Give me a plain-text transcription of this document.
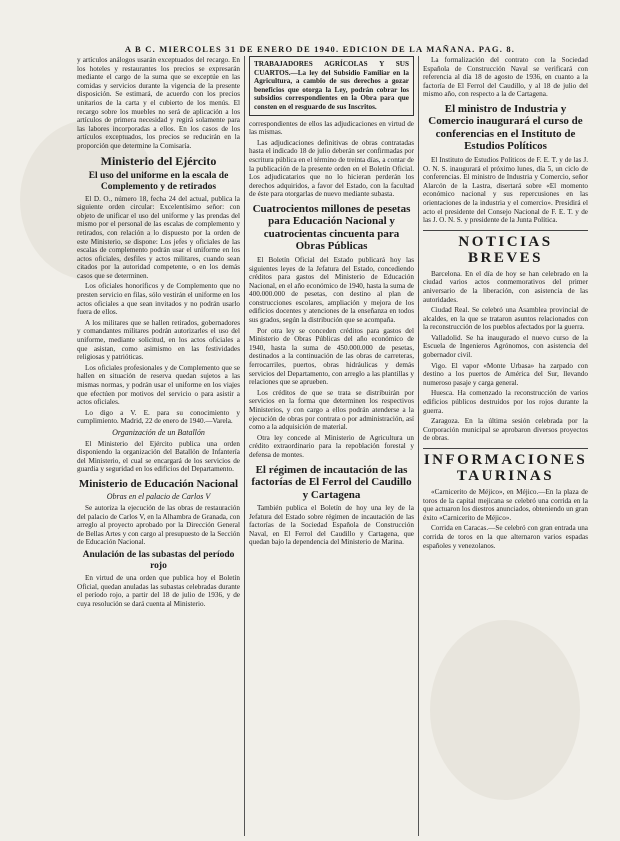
A B C. MIERCOLES 31 DE ENERO DE 1940. EDICION DE LA MAÑANA. PAG. 8.

y artículos análogos usarán exceptuados del recargo. En los hoteles y restaurantes los precios se expresarán mediante el cargo de la suma que se exceptúe en las comidas y servicios durante la vigencia de la presente disposición. Se estimará, de acuerdo con los precios unitarios de la carta y el cubierto de los menús. El recargo sobre los muebles no será de aplicación a los artículos de primera necesidad y regirá solamente para las labores incorporadas a ellos. En los casos de los artículos exceptuados, los precios se reducirán en la proporción que determine la Comisaría.

Ministerio del Ejército
El uso del uniforme en la escala de Complemento y de retirados

El D. O., número 18, fecha 24 del actual, publica la siguiente orden circular: Excelentísimo señor: con objeto de unificar el uso del uniforme y las prendas del mismo por el personal de las escalas de complemento y retirados, con relación a lo dispuesto por la orden de este Ministerio, se dispone: Los jefes y oficiales de las escalas de complemento podrán usar el uniforme en los actos oficiales, desfiles y actos militares, cuando sean citados por la autoridad competente, o en los demás casos que se determinen.

Los oficiales honoríficos y de Complemento que no presten servicio en filas, sólo vestirán el uniforme en los actos oficiales a que sean invitados y no podrán usarlo fuera de ellos.

A los militares que se hallen retirados, gobernadores y comandantes militares podrán autorizarles el uso del uniforme, mediante solicitud, en los actos oficiales a que asistan, como asimismo en las festividades religiosas y patrióticas.

Los oficiales profesionales y de Complemento que se hallen en situación de reserva quedan sujetos a las mismas normas, y podrán usar el uniforme en los viajes que efectúen por motivos del servicio o para asistir a actos oficiales.

Lo digo a V. E. para su conocimiento y cumplimiento. Madrid, 22 de enero de 1940.—Varela.

Organización de un Batallón

El Ministerio del Ejército publica una orden disponiendo la organización del Batallón de Infantería del Ministerio, el cual se encargará de los servicios de guardia y seguridad en los edificios del Departamento.

Ministerio de Educación Nacional
Obras en el palacio de Carlos V

Se autoriza la ejecución de las obras de restauración del palacio de Carlos V, en la Alhambra de Granada, con arreglo al proyecto aprobado por la Dirección General de Bellas Artes y con cargo al presupuesto de la Sección de Educación Nacional.

Anulación de las subastas del período rojo

En virtud de una orden que publica hoy el Boletín Oficial, quedan anuladas las subastas celebradas durante el período rojo, a partir del 18 de julio de 1936, y de cuya resolución se dará cuenta al Ministerio.

TRABAJADORES AGRÍCOLAS Y SUS CUARTOS.—La ley del Subsidio Familiar en la Agricultura, a cambio de sus derechos a gozar beneficios que otorga la Ley, podrán cobrar los subsidios correspondientes en la Obra para que consten en el resguardo de sus Inscritos.

correspondientes de ellos las adjudicaciones en virtud de las mismas.

Las adjudicaciones definitivas de obras contratadas hasta el indicado 18 de julio deberán ser confirmadas por escritura pública en el término de treinta días, a contar de la publicación de la presente orden en el Boletín Oficial. Los adjudicatarios que no lo hicieran perderán los derechos adquiridos, a favor del Estado, con la facultad de éste para otorgarlas de nuevo mediante subasta.

Cuatrocientos millones de pesetas para Educación Nacional y cuatrocientas cincuenta para Obras Públicas

El Boletín Oficial del Estado publicará hoy las siguientes leyes de la Jefatura del Estado, concediendo créditos para gastos del Ministerio de Educación Nacional, en el año económico de 1940, hasta la suma de 400.000.000 de pesetas, con destino al plan de construcciones escolares, ampliación y mejora de los edificios docentes y atenciones de la enseñanza en todos sus grados, según la distribución que se acompaña.

Por otra ley se conceden créditos para gastos del Ministerio de Obras Públicas del año económico de 1940, hasta la suma de 450.000.000 de pesetas, destinados a la continuación de las obras de carreteras, ferrocarriles, puertos, obras hidráulicas y demás servicios del Departamento, con arreglo a las plantillas y relaciones que se aprueben.

Los créditos de que se trata se distribuirán por servicios en la forma que determinen los respectivos Ministerios, y con cargo a ellos podrán atenderse a la ejecución de obras por contrata o por administración, así como a la adquisición de material.

Otra ley concede al Ministerio de Agricultura un crédito extraordinario para la repoblación forestal y defensa de montes.

El régimen de incautación de las factorías de El Ferrol del Caudillo y Cartagena

También publica el Boletín de hoy una ley de la Jefatura del Estado sobre régimen de incautación de las factorías de la Sociedad Española de Construcción Naval, en El Ferrol del Caudillo y Cartagena, que quedan bajo la dependencia del Ministerio de Marina.

La formalización del contrato con la Sociedad Española de Construcción Naval se verificará con referencia al día 18 de agosto de 1936, en cuanto a la factoría de El Ferrol del Caudillo, y al 18 de julio del mismo año, con respecto a la de Cartagena.

El ministro de Industria y Comercio inaugurará el curso de conferencias en el Instituto de Estudios Políticos

El Instituto de Estudios Políticos de F. E. T. y de las J. O. N. S. inaugurará el próximo lunes, día 5, un ciclo de conferencias. El ministro de Industria y Comercio, señor Alarcón de la Lastra, disertará sobre «El momento económico nacional y sus repercusiones en las orientaciones de la industria y el comercio». Presidirá el acto el presidente del Consejo Nacional de F. E. T. y de las J. O. N. S. y presidente de la Junta Política.

NOTICIAS BREVES

Barcelona. En el día de hoy se han celebrado en la ciudad varios actos conmemorativos del primer aniversario de la liberación, con asistencia de las autoridades.

Ciudad Real. Se celebró una Asamblea provincial de alcaldes, en la que se trataron asuntos relacionados con la reconstrucción de los pueblos afectados por la guerra.

Valladolid. Se ha inaugurado el nuevo curso de la Escuela de Ingenieros Agrónomos, con asistencia del gobernador civil.

Vigo. El vapor «Monte Urbasa» ha zarpado con destino a los puertos de América del Sur, llevando numeroso pasaje y carga general.

Huesca. Ha comenzado la reconstrucción de varios edificios públicos destruidos por los rojos durante la guerra.

Zaragoza. En la última sesión celebrada por la Corporación municipal se aprobaron diversos proyectos de obras.

INFORMACIONES TAURINAS

«Carnicerito de Méjico», en Méjico.—En la plaza de toros de la capital mejicana se celebró una corrida en la que actuaron los diestros anunciados, obteniendo un gran éxito «Carnicerito de Méjico».

Corrida en Caracas.—Se celebró con gran entrada una corrida de toros en la que alternaron varios espadas españoles y venezolanos.
